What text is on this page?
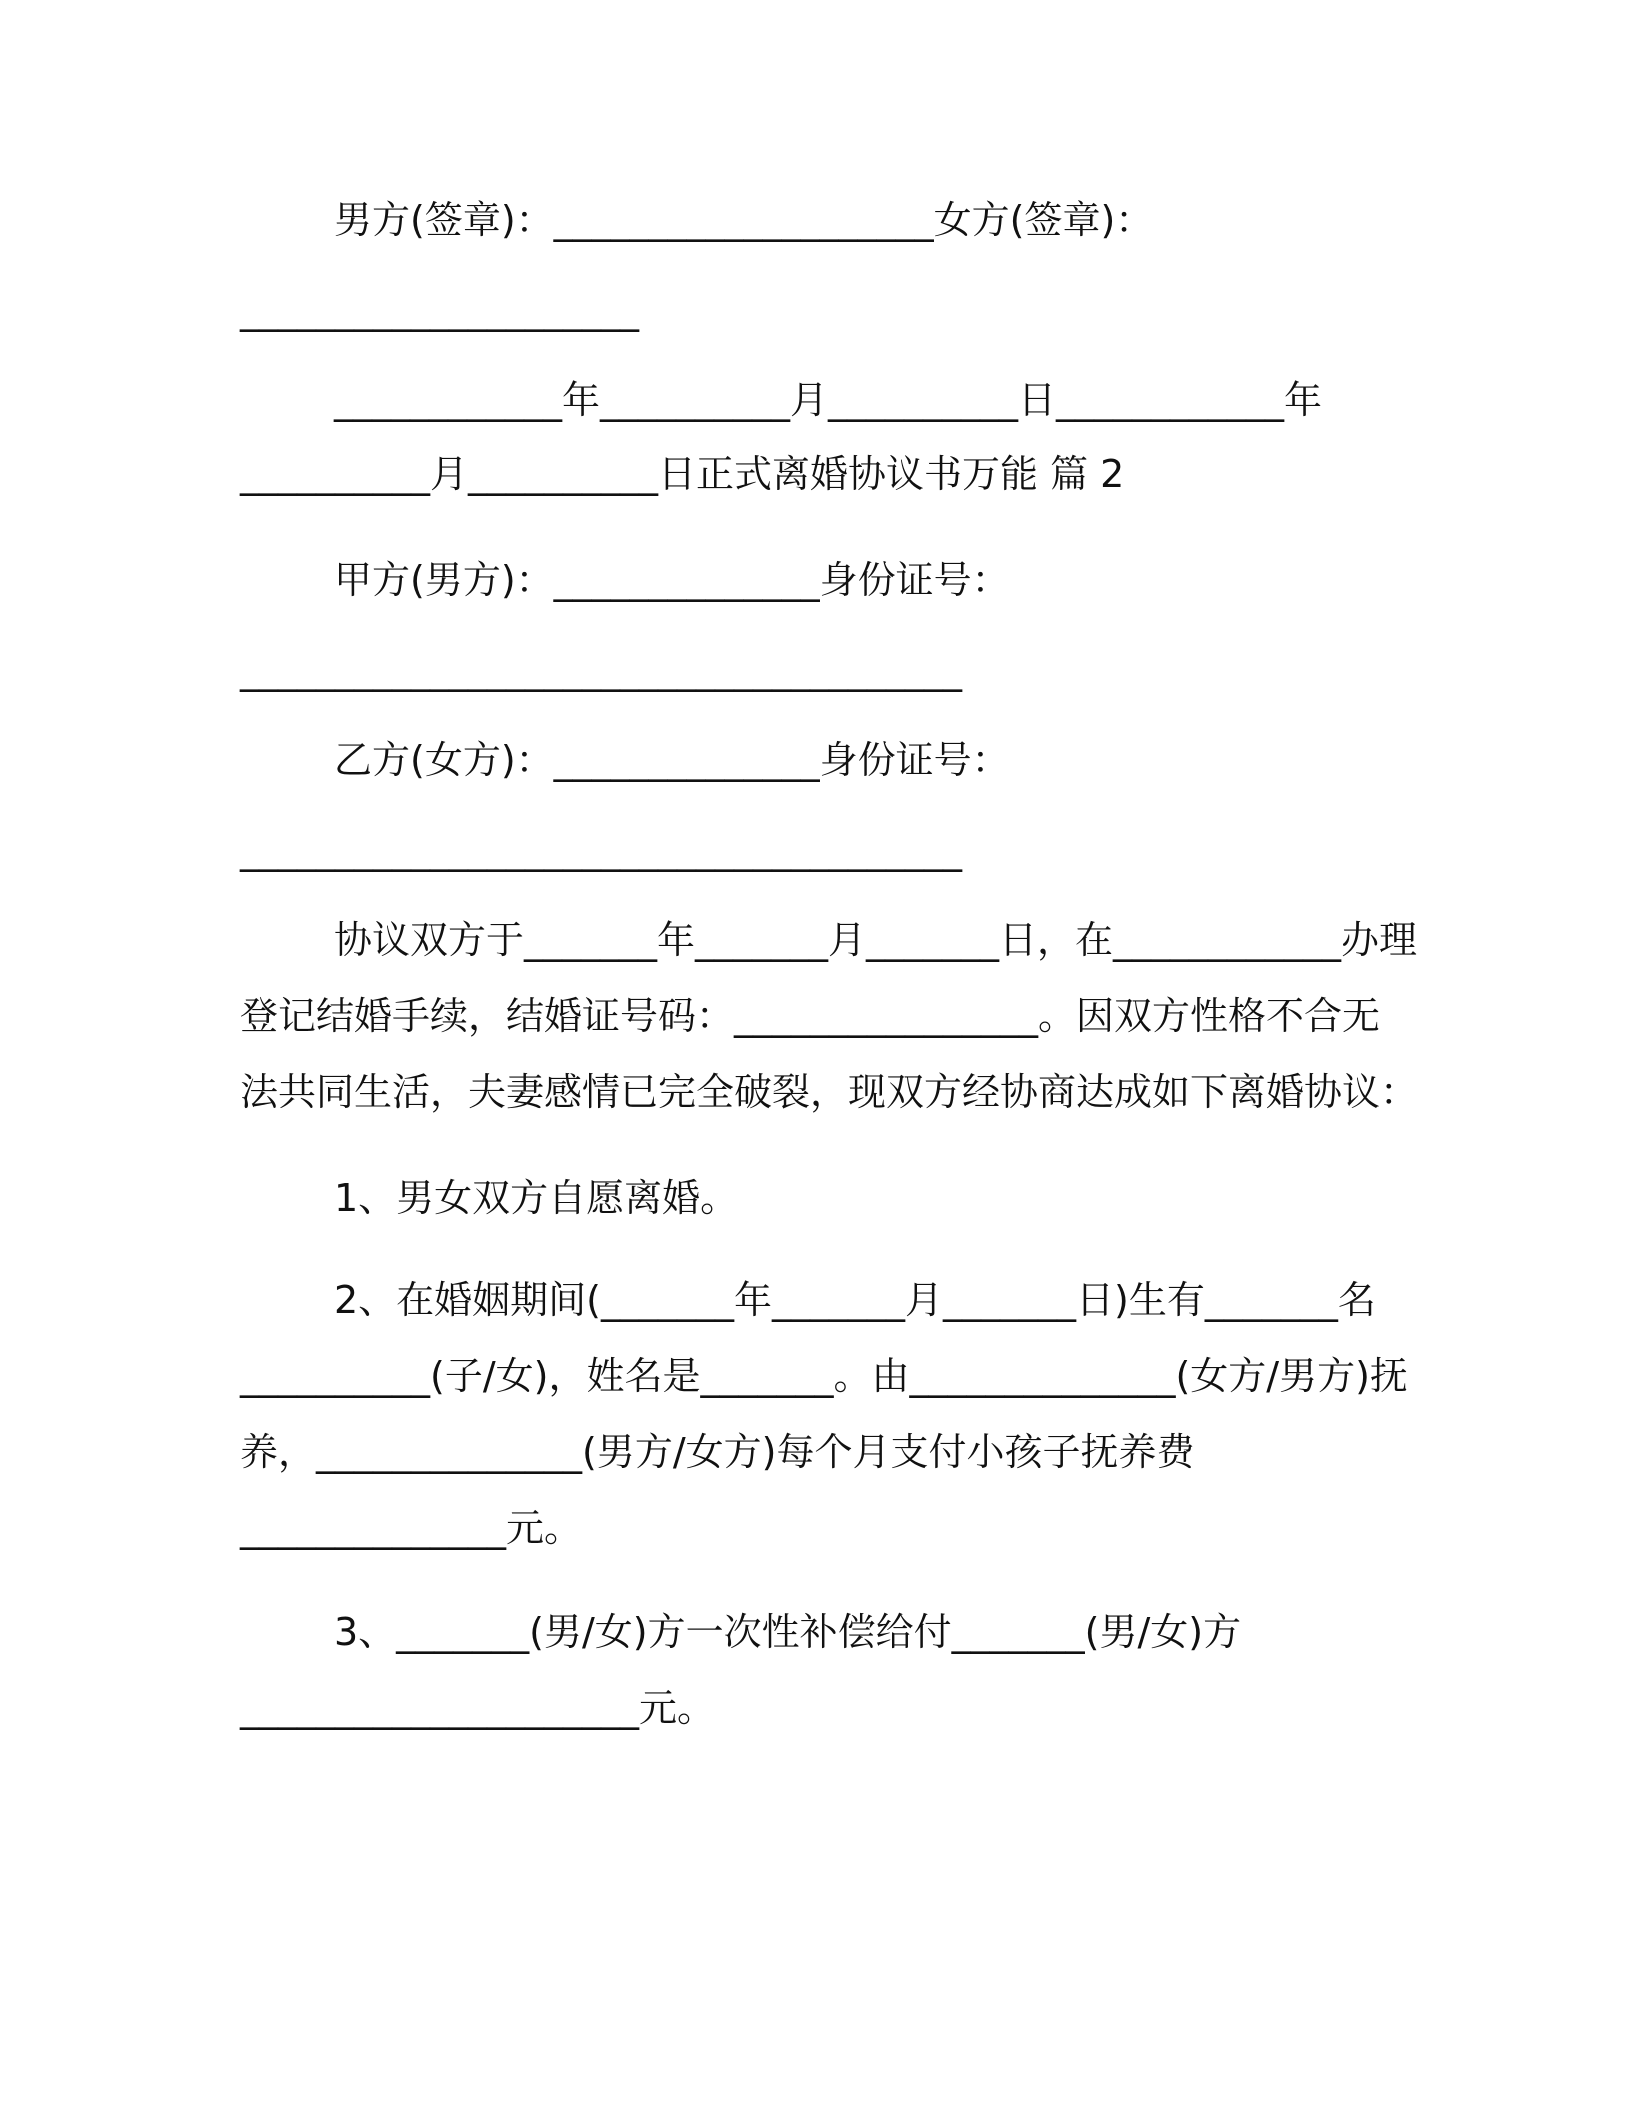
男方(签章)：____________________女方(签章)：
_____________________
____________年__________月__________日____________年
__________月__________日正式离婚协议书万能 篇 2
甲方(男方)：______________身份证号：
______________________________________
乙方(女方)：______________身份证号：
______________________________________
协议双方于_______年_______月_______日，在____________办理
登记结婚手续，结婚证号码：________________。因双方性格不合无
法共同生活，夫妻感情已完全破裂，现双方经协商达成如下离婚协议：
1、男女双方自愿离婚。
2、在婚姻期间(_______年_______月_______日)生有_______名
__________(子/女)，姓名是_______。由______________(女方/男方)抚
养，______________(男方/女方)每个月支付小孩子抚养费
______________元。
3、_______(男/女)方一次性补偿给付_______(男/女)方
_____________________元。
